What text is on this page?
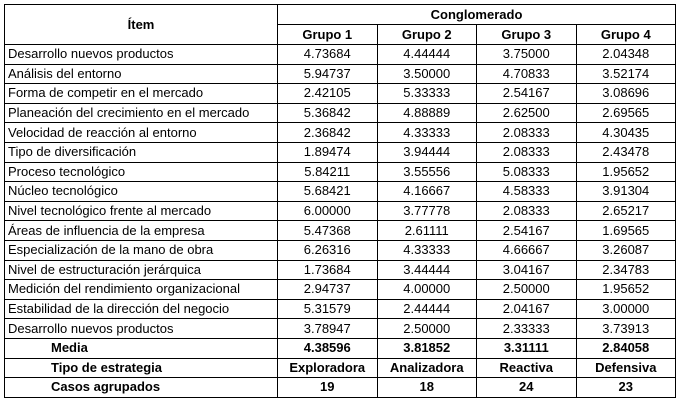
Ítem	Conglomerado			
	Grupo 1	Grupo 2	Grupo 3	Grupo 4
Desarrollo nuevos productos	4.73684	4.44444	3.75000	2.04348
Análisis del entorno	5.94737	3.50000	4.70833	3.52174
Forma de competir en el mercado	2.42105	5.33333	2.54167	3.08696
Planeación del crecimiento en el mercado	5.36842	4.88889	2.62500	2.69565
Velocidad de reacción al entorno	2.36842	4.33333	2.08333	4.30435
Tipo de diversificación	1.89474	3.94444	2.08333	2.43478
Proceso tecnológico	5.84211	3.55556	5.08333	1.95652
Núcleo tecnológico	5.68421	4.16667	4.58333	3.91304
Nivel tecnológico frente al mercado	6.00000	3.77778	2.08333	2.65217
Áreas de influencia de la empresa	5.47368	2.61111	2.54167	1.69565
Especialización de la mano de obra	6.26316	4.33333	4.66667	3.26087
Nivel de estructuración jerárquica	1.73684	3.44444	3.04167	2.34783
Medición del rendimiento organizacional	2.94737	4.00000	2.50000	1.95652
Estabilidad de la dirección del negocio	5.31579	2.44444	2.04167	3.00000
Desarrollo nuevos productos	3.78947	2.50000	2.33333	3.73913
Media	4.38596	3.81852	3.31111	2.84058
Tipo de estrategia	Exploradora	Analizadora	Reactiva	Defensiva
Casos agrupados	19	18	24	23
